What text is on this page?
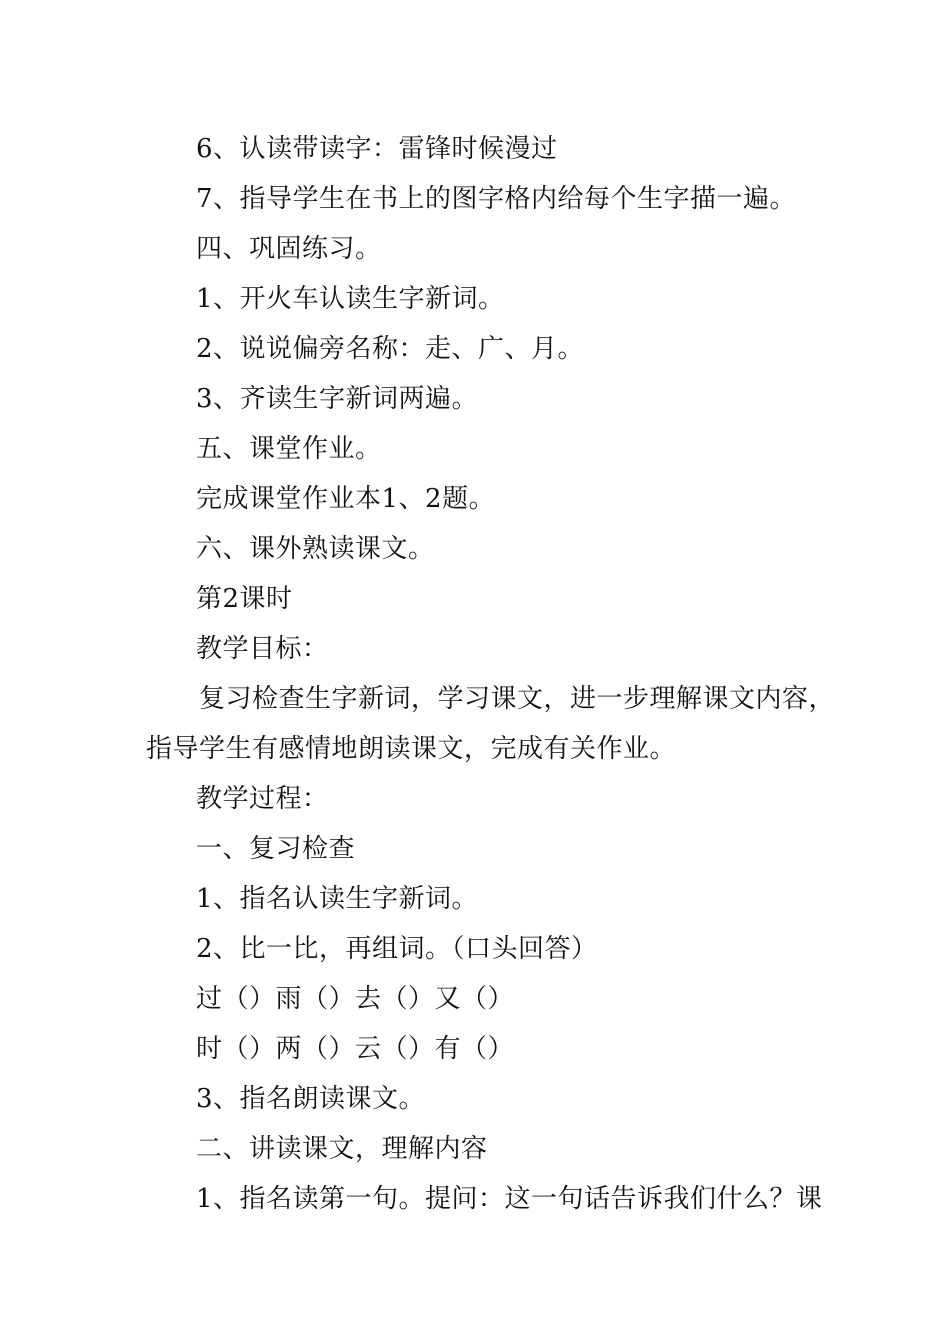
6、认读带读字：雷锋时候漫过
7、指导学生在书上的图字格内给每个生字描一遍。
四、巩固练习。
1、开火车认读生字新词。
2、说说偏旁名称：走、广、月。
3、齐读生字新词两遍。
五、课堂作业。
完成课堂作业本1、2题。
六、课外熟读课文。
第2课时
教学目标：
复习检查生字新词，学习课文，进一步理解课文内容，
指导学生有感情地朗读课文，完成有关作业。
教学过程：
一、复习检查
1、指名认读生字新词。
2、比一比，再组词。（口头回答）
过（）雨（）去（）又（）
时（）两（）云（）有（）
3、指名朗读课文。
二、讲读课文，理解内容
1、指名读第一句。提问：这一句话告诉我们什么？课
